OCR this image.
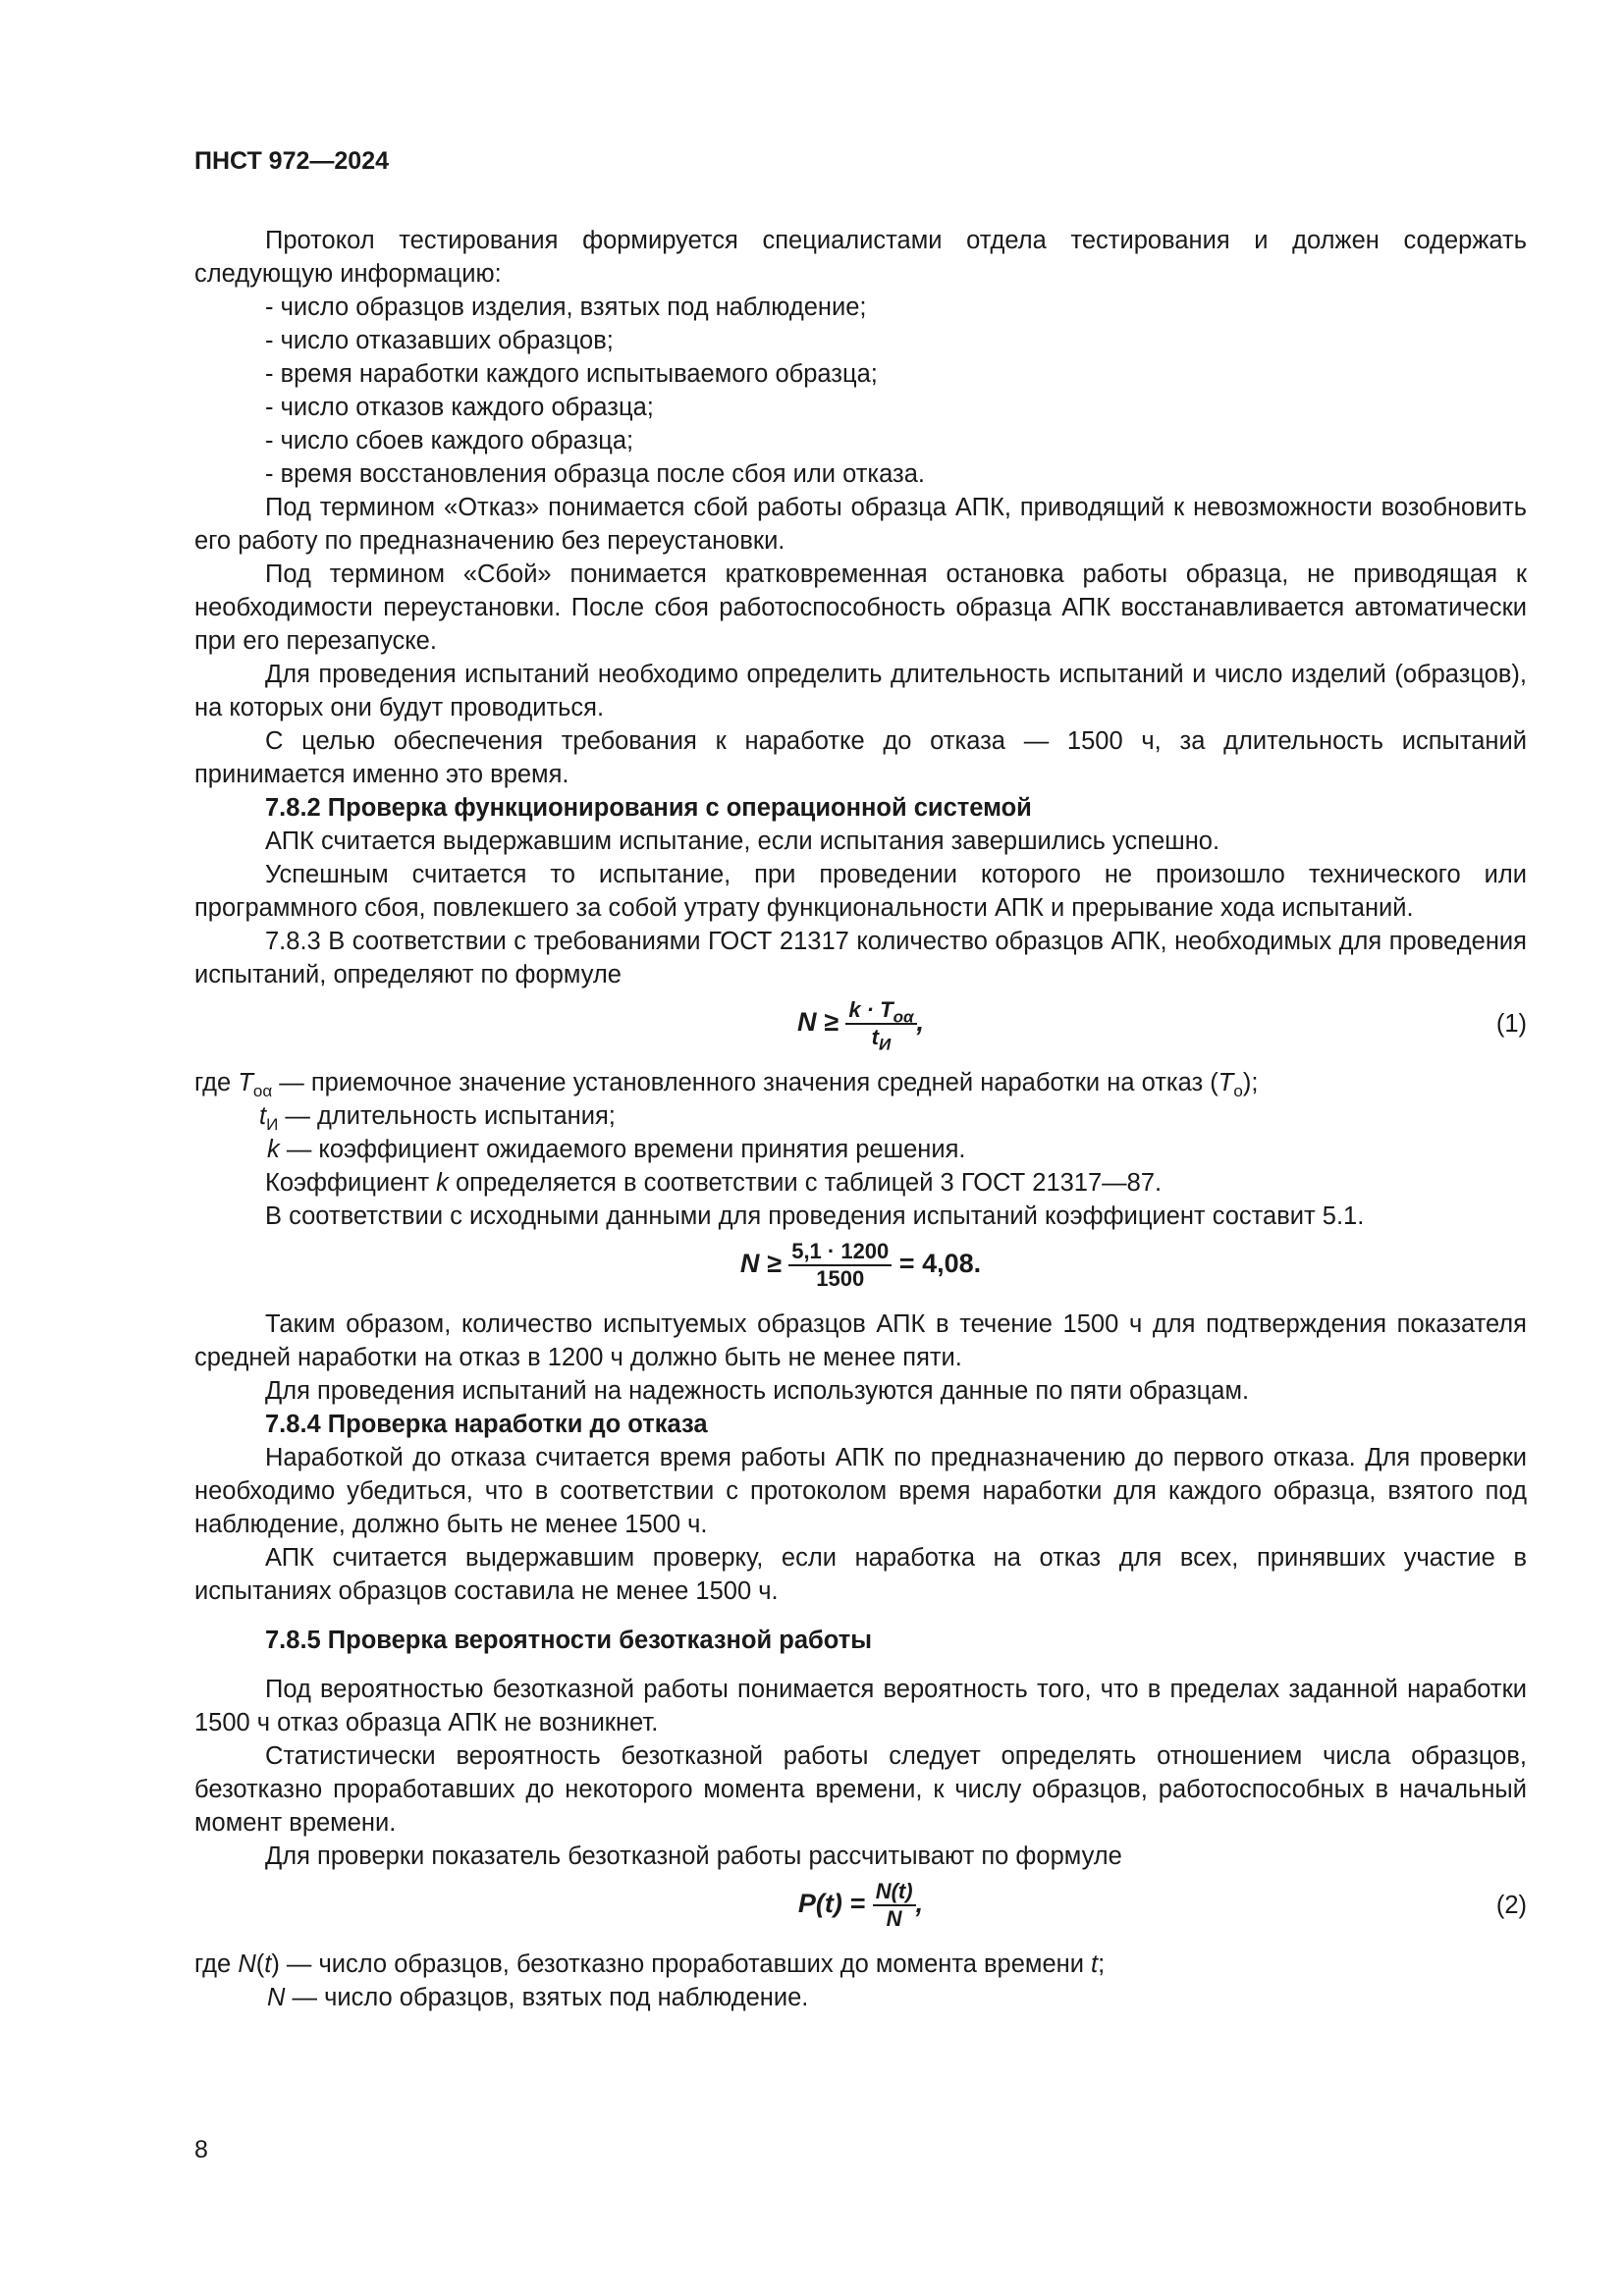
ПНСТ 972—2024

Протокол тестирования формируется специалистами отдела тестирования и должен содержать следующую информацию:

- число образцов изделия, взятых под наблюдение;

- число отказавших образцов;

- время наработки каждого испытываемого образца;

- число отказов каждого образца;

- число сбоев каждого образца;

- время восстановления образца после сбоя или отказа.

Под термином «Отказ» понимается сбой работы образца АПК, приводящий к невозможности возобновить его работу по предназначению без переустановки.

Под термином «Сбой» понимается кратковременная остановка работы образца, не приводящая к необходимости переустановки. После сбоя работоспособность образца АПК восстанавливается автоматически при его перезапуске.

Для проведения испытаний необходимо определить длительность испытаний и число изделий (образцов), на которых они будут проводиться.

С целью обеспечения требования к наработке до отказа — 1500 ч, за длительность испытаний принимается именно это время.

7.8.2 Проверка функционирования с операционной системой

АПК считается выдержавшим испытание, если испытания завершились успешно.

Успешным считается то испытание, при проведении которого не произошло технического или программного сбоя, повлекшего за собой утрату функциональности АПК и прерывание хода испытаний.

7.8.3 В соответствии с требованиями ГОСТ 21317 количество образцов АПК, необходимых для проведения испытаний, определяют по формуле

$N \ge \frac{k \cdot T_{o\alpha}}{t_И}$ ,	(1)

где $T_{o\alpha}$ — приемочное значение установленного значения средней наработки на отказ $(T_o)$;

$t_И$ — длительность испытания;

k — коэффициент ожидаемого времени принятия решения.

Коэффициент k определяется в соответствии с таблицей 3 ГОСТ 21317—87.

В соответствии с исходными данными для проведения испытаний коэффициент составит 5.1.

$N \ge \frac{5,1 \cdot 1200}{1500} = 4,08$.

Таким образом, количество испытуемых образцов АПК в течение 1500 ч для подтверждения показателя средней наработки на отказ в 1200 ч должно быть не менее пяти.

Для проведения испытаний на надежность используются данные по пяти образцам.

7.8.4 Проверка наработки до отказа

Наработкой до отказа считается время работы АПК по предназначению до первого отказа. Для проверки необходимо убедиться, что в соответствии с протоколом время наработки для каждого образца, взятого под наблюдение, должно быть не менее 1500 ч.

АПК считается выдержавшим проверку, если наработка на отказ для всех, принявших участие в испытаниях образцов составила не менее 1500 ч.

7.8.5 Проверка вероятности безотказной работы

Под вероятностью безотказной работы понимается вероятность того, что в пределах заданной наработки 1500 ч отказ образца АПК не возникнет.

Статистически вероятность безотказной работы следует определять отношением числа образцов, безотказно проработавших до некоторого момента времени, к числу образцов, работоспособных в начальный момент времени.

Для проверки показатель безотказной работы рассчитывают по формуле

$P(t) = \frac{N(t)}{N}$ ,	(2)

где N(t) — число образцов, безотказно проработавших до момента времени t;

N — число образцов, взятых под наблюдение.

8
